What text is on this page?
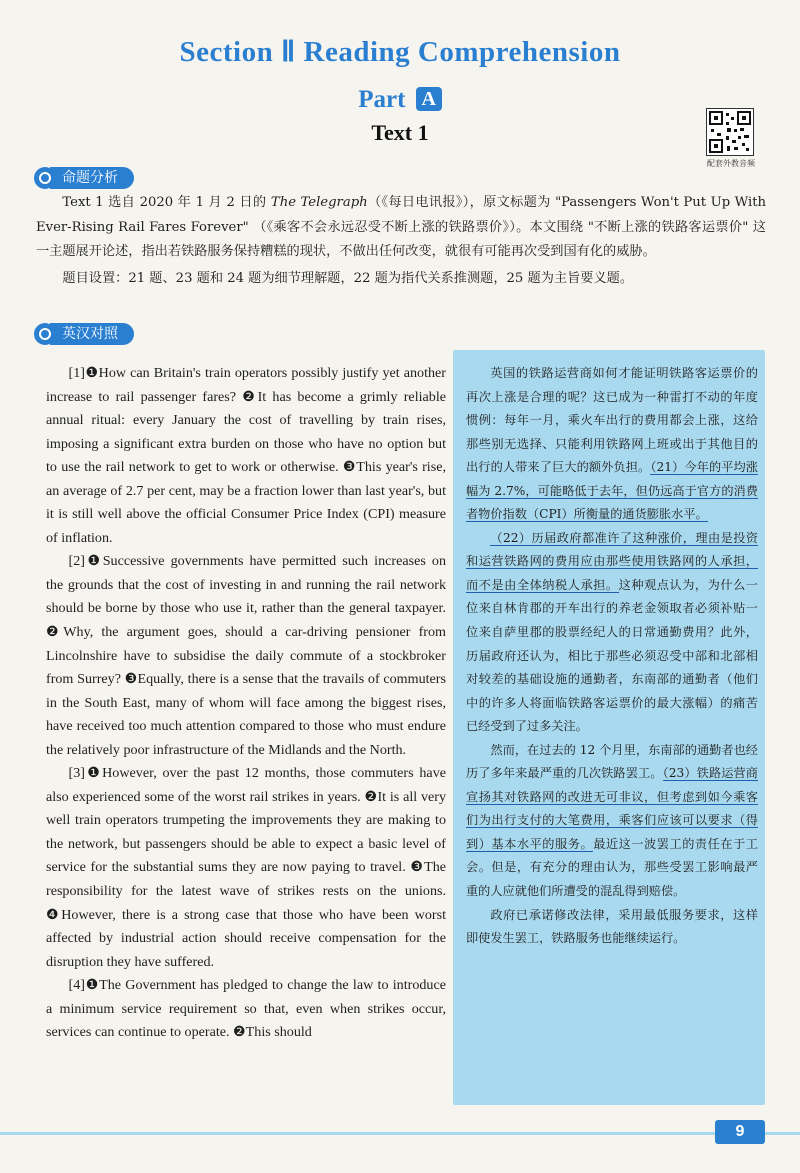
Section Ⅱ Reading Comprehension
Part A
Text 1
配套外教音频
命题分析

Text 1 选自 2020 年 1 月 2 日的 The Telegraph（《每日电讯报》），原文标题为 "Passengers Won't Put Up With Ever-Rising Rail Fares Forever" （《乘客不会永远忍受不断上涨的铁路票价》）。本文围绕 "不断上涨的铁路客运票价" 这一主题展开论述，指出若铁路服务保持糟糕的现状，不做出任何改变，就很有可能再次受到国有化的威胁。

题目设置：21 题、23 题和 24 题为细节理解题，22 题为指代关系推测题，25 题为主旨要义题。

英汉对照

[1]❶How can Britain's train operators possibly justify yet another increase to rail passenger fares? ❷It has become a grimly reliable annual ritual: every January the cost of travelling by train rises, imposing a significant extra burden on those who have no option but to use the rail network to get to work or otherwise. ❸This year's rise, an average of 2.7 per cent, may be a fraction lower than last year's, but it is still well above the official Consumer Price Index (CPI) measure of inflation.

[2]❶Successive governments have permitted such increases on the grounds that the cost of investing in and running the rail network should be borne by those who use it, rather than the general taxpayer. ❷Why, the argument goes, should a car-driving pensioner from Lincolnshire have to subsidise the daily commute of a stockbroker from Surrey? ❸Equally, there is a sense that the travails of commuters in the South East, many of whom will face among the biggest rises, have received too much attention compared to those who must endure the relatively poor infrastructure of the Midlands and the North.

[3]❶However, over the past 12 months, those commuters have also experienced some of the worst rail strikes in years. ❷It is all very well train operators trumpeting the improvements they are making to the network, but passengers should be able to expect a basic level of service for the substantial sums they are now paying to travel. ❸The responsibility for the latest wave of strikes rests on the unions. ❹However, there is a strong case that those who have been worst affected by industrial action should receive compensation for the disruption they have suffered.

[4]❶The Government has pledged to change the law to introduce a minimum service requirement so that, even when strikes occur, services can continue to operate. ❷This should

英国的铁路运营商如何才能证明铁路客运票价的再次上涨是合理的呢？这已成为一种雷打不动的年度惯例：每年一月，乘火车出行的费用都会上涨，这给那些别无选择、只能利用铁路网上班或出于其他目的出行的人带来了巨大的额外负担。（21）今年的平均涨幅为 2.7%，可能略低于去年，但仍远高于官方的消费者物价指数（CPI）所衡量的通货膨胀水平。

（22）历届政府都准许了这种涨价，理由是投资和运营铁路网的费用应由那些使用铁路网的人承担，而不是由全体纳税人承担。这种观点认为，为什么一位来自林肯郡的开车出行的养老金领取者必须补贴一位来自萨里郡的股票经纪人的日常通勤费用？此外，历届政府还认为，相比于那些必须忍受中部和北部相对较差的基础设施的通勤者，东南部的通勤者（他们中的许多人将面临铁路客运票价的最大涨幅）的痛苦已经受到了过多关注。

然而，在过去的 12 个月里，东南部的通勤者也经历了多年来最严重的几次铁路罢工。（23）铁路运营商宣扬其对铁路网的改进无可非议，但考虑到如今乘客们为出行支付的大笔费用，乘客们应该可以要求（得到）基本水平的服务。最近这一波罢工的责任在于工会。但是，有充分的理由认为，那些受罢工影响最严重的人应就他们所遭受的混乱得到赔偿。

政府已承诺修改法律，采用最低服务要求，这样即使发生罢工，铁路服务也能继续运行。

9
